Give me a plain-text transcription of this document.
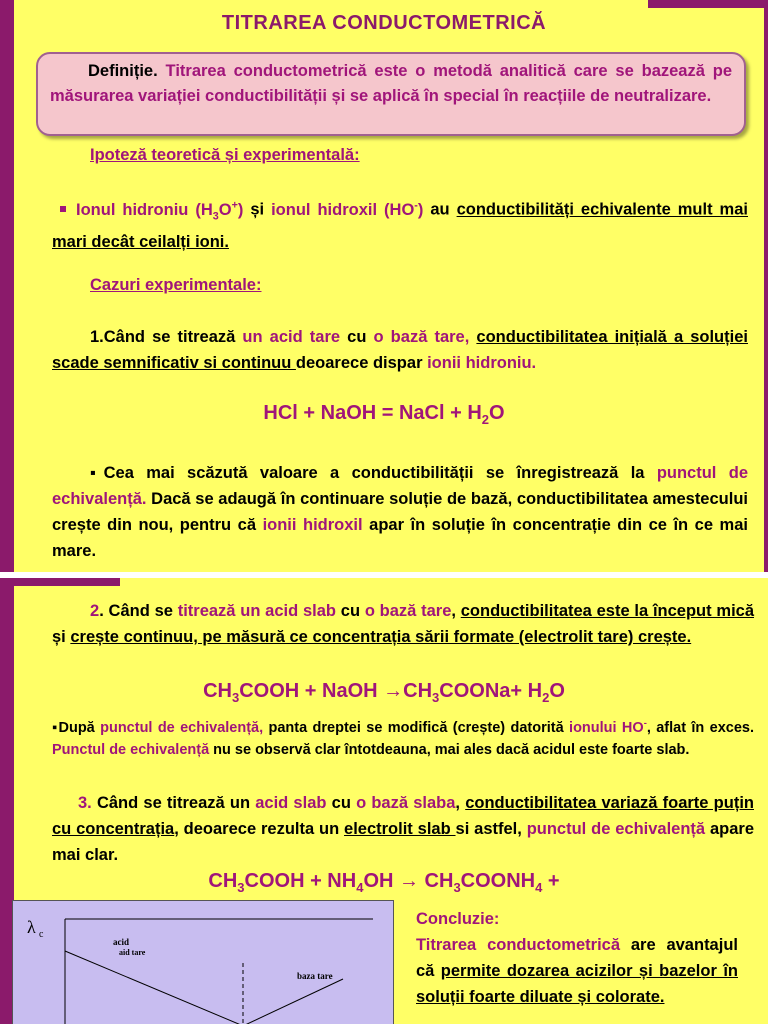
TITRAREA CONDUCTOMETRICĂ
Definiție. Titrarea conductometrică este o metodă analitică care se bazează pe măsurarea variației conductibilității și se aplică în special în reacțiile de neutralizare.
Ipoteză teoretică și experimentală:
Ionul hidroniu $(H_3O^+)$ și ionul hidroxil (HO-) au conductibilități echivalente mult mai mari decât ceilalți ioni.
Cazuri experimentale:
1.Când se titrează un acid tare cu o bază tare, conductibilitatea inițială a soluției scade semnificativ si continuu deoarece dispar ionii hidroniu.
HCl + NaOH = NaCl + $H_2O$
▪Cea mai scăzută valoare a conductibilității se înregistrează la punctul de echivalență. Dacă se adaugă în continuare soluție de bază, conductibilitatea amestecului crește din nou, pentru că ionii hidroxil apar în soluție în concentrație din ce în ce mai mare.
2. Când se titrează un acid slab cu o bază tare, conductibilitatea este la început mică și crește continuu, pe măsură ce concentrația sării formate (electrolit tare) crește.
$CH_3COOH$ + NaOH $\to CH_3COONa+ H_2O$
▪După punctul de echivalență, panta dreptei se modifică (crește) datorită ionului HO-, aflat în exces. Punctul de echivalență nu se observă clar întotdeauna, mai ales dacă acidul este foarte slab.
3. Când se titrează un acid slab cu o bază slaba, conductibilitatea variază foarte puțin cu concentrația, deoarece rezulta un electrolit slab si astfel, punctul de echivalență apare mai clar.
$CH_3COOH + NH_4OH$ → $CH_3COONH_4$ +
λ c
acid
aid tare
baza tare
Concluzie:
Titrarea conductometrică are avantajul că permite dozarea acizilor și bazelor în soluții foarte diluate și colorate.
